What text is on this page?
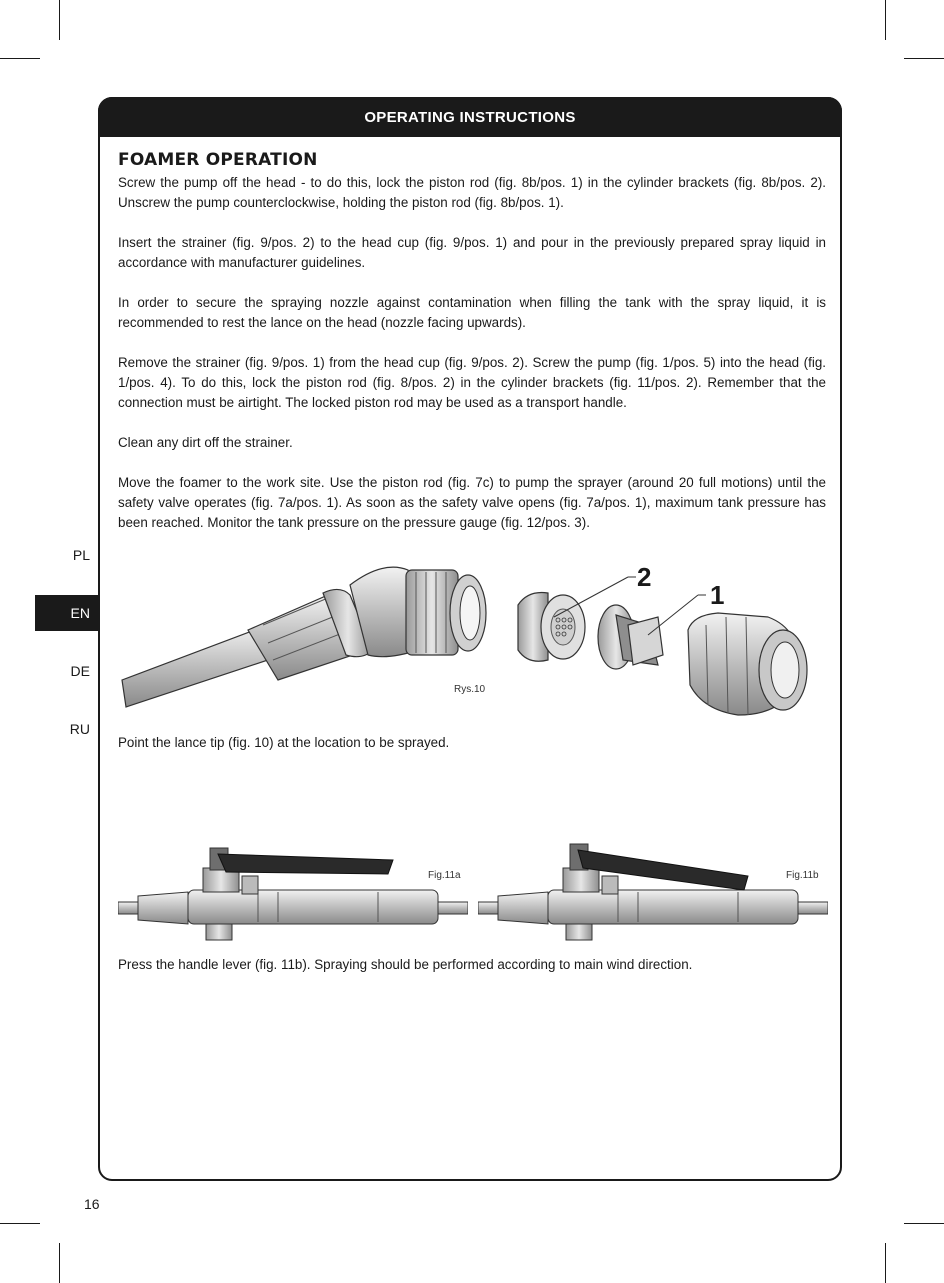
OPERATING INSTRUCTIONS
FOAMER OPERATION

Screw the pump off the head - to do this, lock the piston rod (fig. 8b/pos. 1) in the cylinder brackets (fig. 8b/pos. 2). Unscrew the pump counterclockwise, holding the piston rod (fig. 8b/pos. 1).

Insert the strainer (fig. 9/pos. 2) to the head cup (fig. 9/pos. 1) and pour in the previously prepared spray liquid in accordance with manufacturer guidelines.

In order to secure the spraying nozzle against contamination when filling the tank with the spray liquid, it is recommended to rest the lance on the head (nozzle facing upwards).

Remove the strainer (fig. 9/pos. 1) from the head cup (fig. 9/pos. 2). Screw the pump (fig. 1/pos. 5) into the head (fig. 1/pos. 4). To do this, lock the piston rod (fig. 8/pos. 2) in the cylinder brackets (fig. 11/pos. 2). Remember that the connection must be airtight. The locked piston rod may be used as a transport handle.

Clean any dirt off the strainer.

Move the foamer to the work site. Use the piston rod (fig. 7c) to pump the sprayer (around 20 full motions) until the safety valve operates (fig. 7a/pos. 1). As soon as the safety valve opens (fig. 7a/pos. 1), maximum tank pressure has been reached. Monitor the tank pressure on the pressure gauge (fig. 12/pos. 3).

PL
EN
DE
RU
2
1
Rys.10

Point the lance tip (fig. 10) at the location to be sprayed.

Fig.11a	Fig.11b

Press the handle lever (fig. 11b). Spraying should be performed according to main wind direction.

16
